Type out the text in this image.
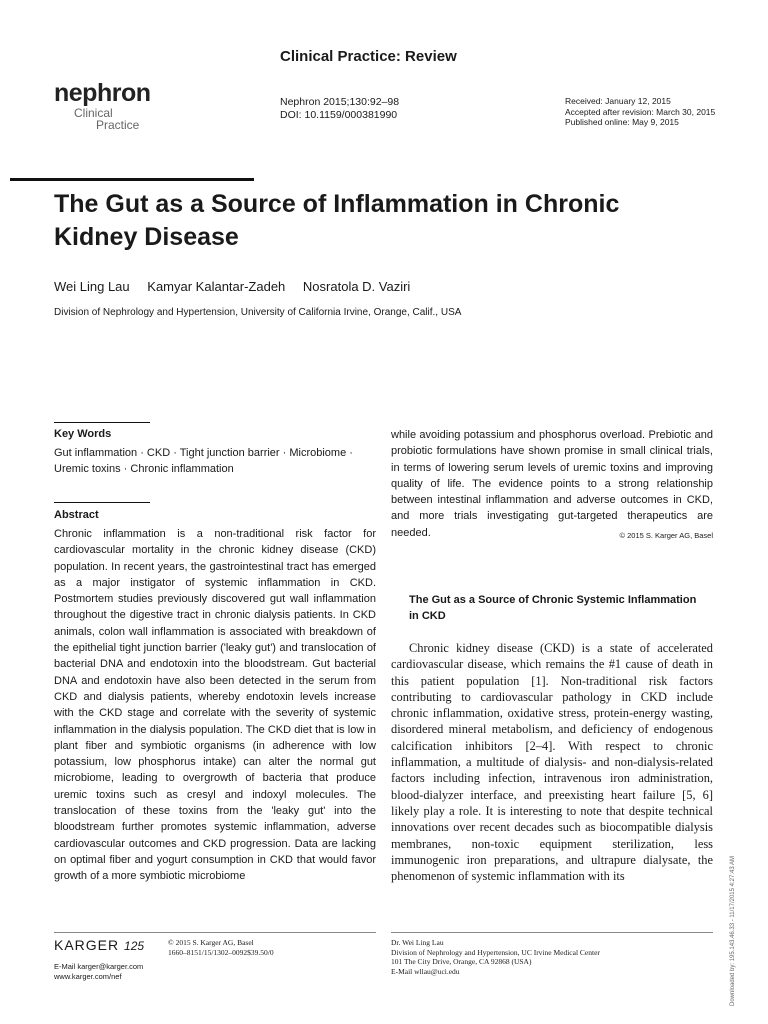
Clinical Practice: Review
nephron
Clinical
Practice
Nephron 2015;130:92–98
DOI: 10.1159/000381990
Received: January 12, 2015
Accepted after revision: March 30, 2015
Published online: May 9, 2015
The Gut as a Source of Inflammation in Chronic Kidney Disease
Wei Ling Lau Kamyar Kalantar-Zadeh Nosratola D. Vaziri
Division of Nephrology and Hypertension, University of California Irvine, Orange, Calif., USA
Key Words
Gut inflammation · CKD · Tight junction barrier · Microbiome · Uremic toxins · Chronic inflammation
Abstract
Chronic inflammation is a non-traditional risk factor for cardiovascular mortality in the chronic kidney disease (CKD) population. In recent years, the gastrointestinal tract has emerged as a major instigator of systemic inflammation in CKD. Postmortem studies previously discovered gut wall inflammation throughout the digestive tract in chronic dialysis patients. In CKD animals, colon wall inflammation is associated with breakdown of the epithelial tight junction barrier ('leaky gut') and translocation of bacterial DNA and endotoxin into the bloodstream. Gut bacterial DNA and endotoxin have also been detected in the serum from CKD and dialysis patients, whereby endotoxin levels increase with the CKD stage and correlate with the severity of systemic inflammation in the dialysis population. The CKD diet that is low in plant fiber and symbiotic organisms (in adherence with low potassium, low phosphorus intake) can alter the normal gut microbiome, leading to overgrowth of bacteria that produce uremic toxins such as cresyl and indoxyl molecules. The translocation of these toxins from the 'leaky gut' into the bloodstream further promotes systemic inflammation, adverse cardiovascular outcomes and CKD progression. Data are lacking on optimal fiber and yogurt consumption in CKD that would favor growth of a more symbiotic microbiome
while avoiding potassium and phosphorus overload. Prebiotic and probiotic formulations have shown promise in small clinical trials, in terms of lowering serum levels of uremic toxins and improving quality of life. The evidence points to a strong relationship between intestinal inflammation and adverse outcomes in CKD, and more trials investigating gut-targeted therapeutics are needed.	© 2015 S. Karger AG, Basel
The Gut as a Source of Chronic Systemic Inflammation in CKD
Chronic kidney disease (CKD) is a state of accelerated cardiovascular disease, which remains the #1 cause of death in this patient population [1]. Non-traditional risk factors contributing to cardiovascular pathology in CKD include chronic inflammation, oxidative stress, protein-energy wasting, disordered mineral metabolism, and deficiency of endogenous calcification inhibitors [2–4]. With respect to chronic inflammation, a multitude of dialysis- and non-dialysis-related factors including infection, intravenous iron administration, blood-dialyzer interface, and preexisting heart failure [5, 6] likely play a role. It is interesting to note that despite technical innovations over recent decades such as biocompatible dialysis membranes, non-toxic equipment sterilization, less immunogenic iron preparations, and ultrapure dialysate, the phenomenon of systemic inflammation with its
KARGER 125	© 2015 S. Karger AG, Basel
1660–8151/15/1302–0092$39.50/0
E-Mail karger@karger.com
www.karger.com/nef
Dr. Wei Ling Lau
Division of Nephrology and Hypertension, UC Irvine Medical Center
101 The City Drive, Orange, CA 92868 (USA)
E-Mail wllau@uci.edu	Downloaded by: 195.143.46.33 - 11/17/2015 4:27:43 AM
